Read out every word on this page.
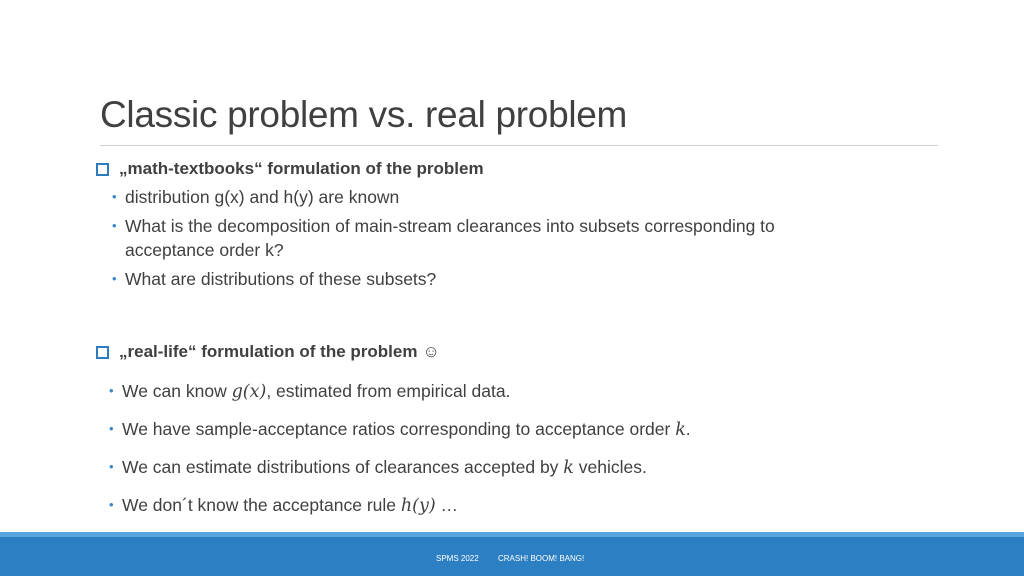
Classic problem vs. real problem
„math-textbooks“ formulation of the problem
• distribution g(x) and h(y) are known
• What is the decomposition of main-stream clearances into subsets corresponding to
acceptance order k?
• What are distributions of these subsets?
„real-life“ formulation of the problem ☺
• We can know g(x), estimated from empirical data.
• We have sample-acceptance ratios corresponding to acceptance order k.
• We can estimate distributions of clearances accepted by k vehicles.
• We don´t know the acceptance rule h(y) …
SPMS 2022 CRASH! BOOM! BANG!
